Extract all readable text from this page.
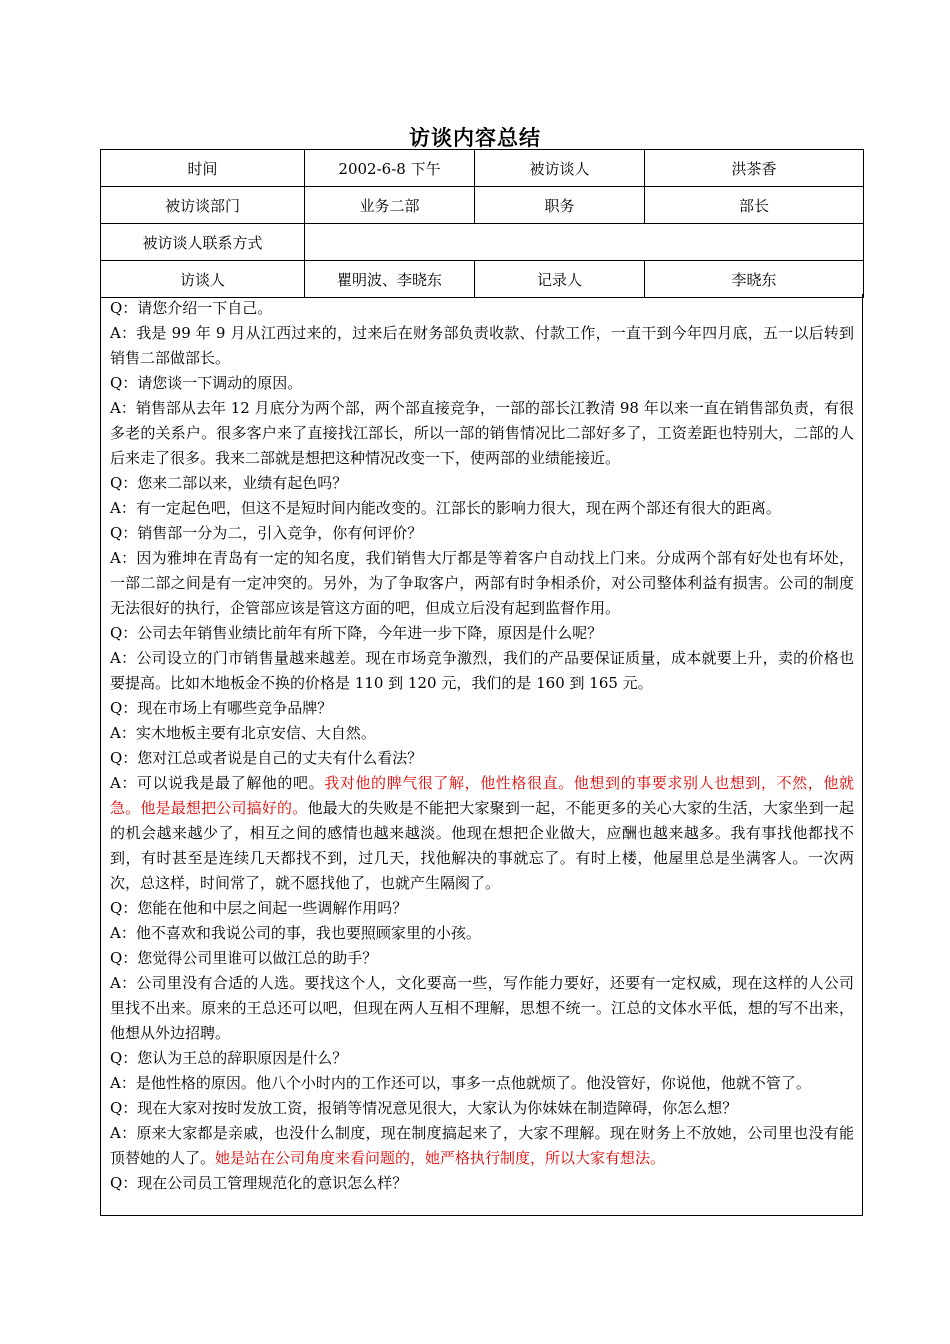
访谈内容总结
时间	2002-6-8 下午	被访谈人	洪茶香
被访谈部门	业务二部	职务	部长
被访谈人联系方式			
访谈人	瞿明波、李晓东	记录人	李晓东

Q：请您介绍一下自己。

A：我是 99 年 9 月从江西过来的，过来后在财务部负责收款、付款工作，一直干到今年四月底，五一以后转到销售二部做部长。

Q：请您谈一下调动的原因。

A：销售部从去年 12 月底分为两个部，两个部直接竞争，一部的部长江教清 98 年以来一直在销售部负责，有很多老的关系户。很多客户来了直接找江部长，所以一部的销售情况比二部好多了，工资差距也特别大，二部的人后来走了很多。我来二部就是想把这种情况改变一下，使两部的业绩能接近。

Q：您来二部以来，业绩有起色吗？

A：有一定起色吧，但这不是短时间内能改变的。江部长的影响力很大，现在两个部还有很大的距离。

Q：销售部一分为二，引入竞争，你有何评价？

A：因为雅坤在青岛有一定的知名度，我们销售大厅都是等着客户自动找上门来。分成两个部有好处也有坏处，一部二部之间是有一定冲突的。另外，为了争取客户，两部有时争相杀价，对公司整体利益有损害。公司的制度无法很好的执行，企管部应该是管这方面的吧，但成立后没有起到监督作用。

Q：公司去年销售业绩比前年有所下降，今年进一步下降，原因是什么呢？

A：公司设立的门市销售量越来越差。现在市场竞争激烈，我们的产品要保证质量，成本就要上升，卖的价格也要提高。比如木地板金不换的价格是 110 到 120 元，我们的是 160 到 165 元。

Q：现在市场上有哪些竞争品牌？

A：实木地板主要有北京安信、大自然。

Q：您对江总或者说是自己的丈夫有什么看法？

A：可以说我是最了解他的吧。我对他的脾气很了解，他性格很直。他想到的事要求别人也想到，不然，他就急。他是最想把公司搞好的。他最大的失败是不能把大家聚到一起，不能更多的关心大家的生活，大家坐到一起的机会越来越少了，相互之间的感情也越来越淡。他现在想把企业做大，应酬也越来越多。我有事找他都找不到，有时甚至是连续几天都找不到，过几天，找他解决的事就忘了。有时上楼，他屋里总是坐满客人。一次两次，总这样，时间常了，就不愿找他了，也就产生隔阂了。

Q：您能在他和中层之间起一些调解作用吗？

A：他不喜欢和我说公司的事，我也要照顾家里的小孩。

Q：您觉得公司里谁可以做江总的助手？

A：公司里没有合适的人选。要找这个人，文化要高一些，写作能力要好，还要有一定权威，现在这样的人公司里找不出来。原来的王总还可以吧，但现在两人互相不理解，思想不统一。江总的文体水平低，想的写不出来，他想从外边招聘。

Q：您认为王总的辞职原因是什么？

A：是他性格的原因。他八个小时内的工作还可以，事多一点他就烦了。他没管好，你说他，他就不管了。

Q：现在大家对按时发放工资，报销等情况意见很大，大家认为你妹妹在制造障碍，你怎么想？

A：原来大家都是亲戚，也没什么制度，现在制度搞起来了，大家不理解。现在财务上不放她，公司里也没有能顶替她的人了。她是站在公司角度来看问题的，她严格执行制度，所以大家有想法。

Q：现在公司员工管理规范化的意识怎么样？
